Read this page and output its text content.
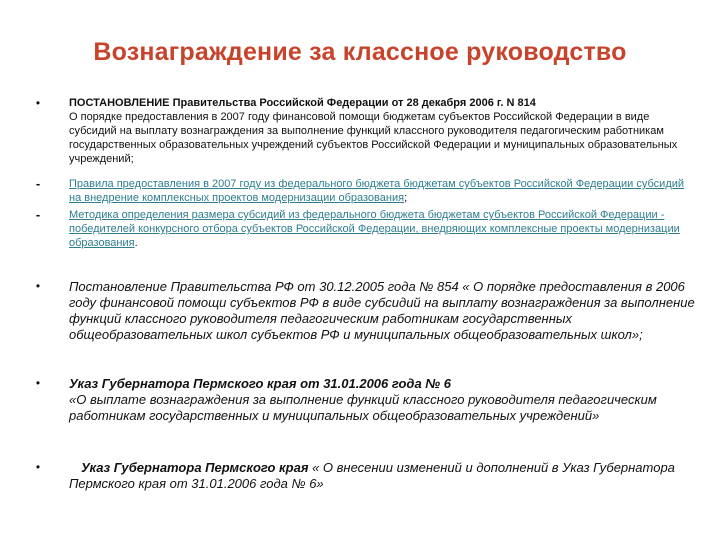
Вознаграждение за классное руководство
•	ПОСТАНОВЛЕНИЕ Правительства Российской Федерации от 28 декабря 2006 г. N 814
О порядке предоставления в 2007 году финансовой помощи бюджетам субъектов Российской Федерации в виде субсидий на выплату вознаграждения за выполнение функций классного руководителя педагогическим работникам государственных образовательных учреждений субъектов Российской Федерации и муниципальных образовательных учреждений;
-	Правила предоставления в 2007 году из федерального бюджета бюджетам субъектов Российской Федерации субсидий на внедрение комплексных проектов модернизации образования;
-	Методика определения размера субсидий из федерального бюджета бюджетам субъектов Российской Федерации - победителей конкурсного отбора субъектов Российской Федерации, внедряющих комплексные проекты модернизации образования.
•	Постановление Правительства РФ от 30.12.2005 года № 854 « О порядке предоставления в 2006 году финансовой помощи субъектов РФ в виде субсидий на выплату вознаграждения за выполнение функций классного руководителя педагогическим работникам государственных общеобразовательных школ субъектов РФ и муниципальных общеобразовательных школ»;
•	Указ Губернатора Пермского края от 31.01.2006 года № 6
«О выплате вознаграждения за выполнение функций классного руководителя педагогическим работникам государственных и муниципальных общеобразовательных учреждений»
•	Указ Губернатора Пермского края « О внесении изменений и дополнений в Указ Губернатора Пермского края от 31.01.2006 года № 6»
